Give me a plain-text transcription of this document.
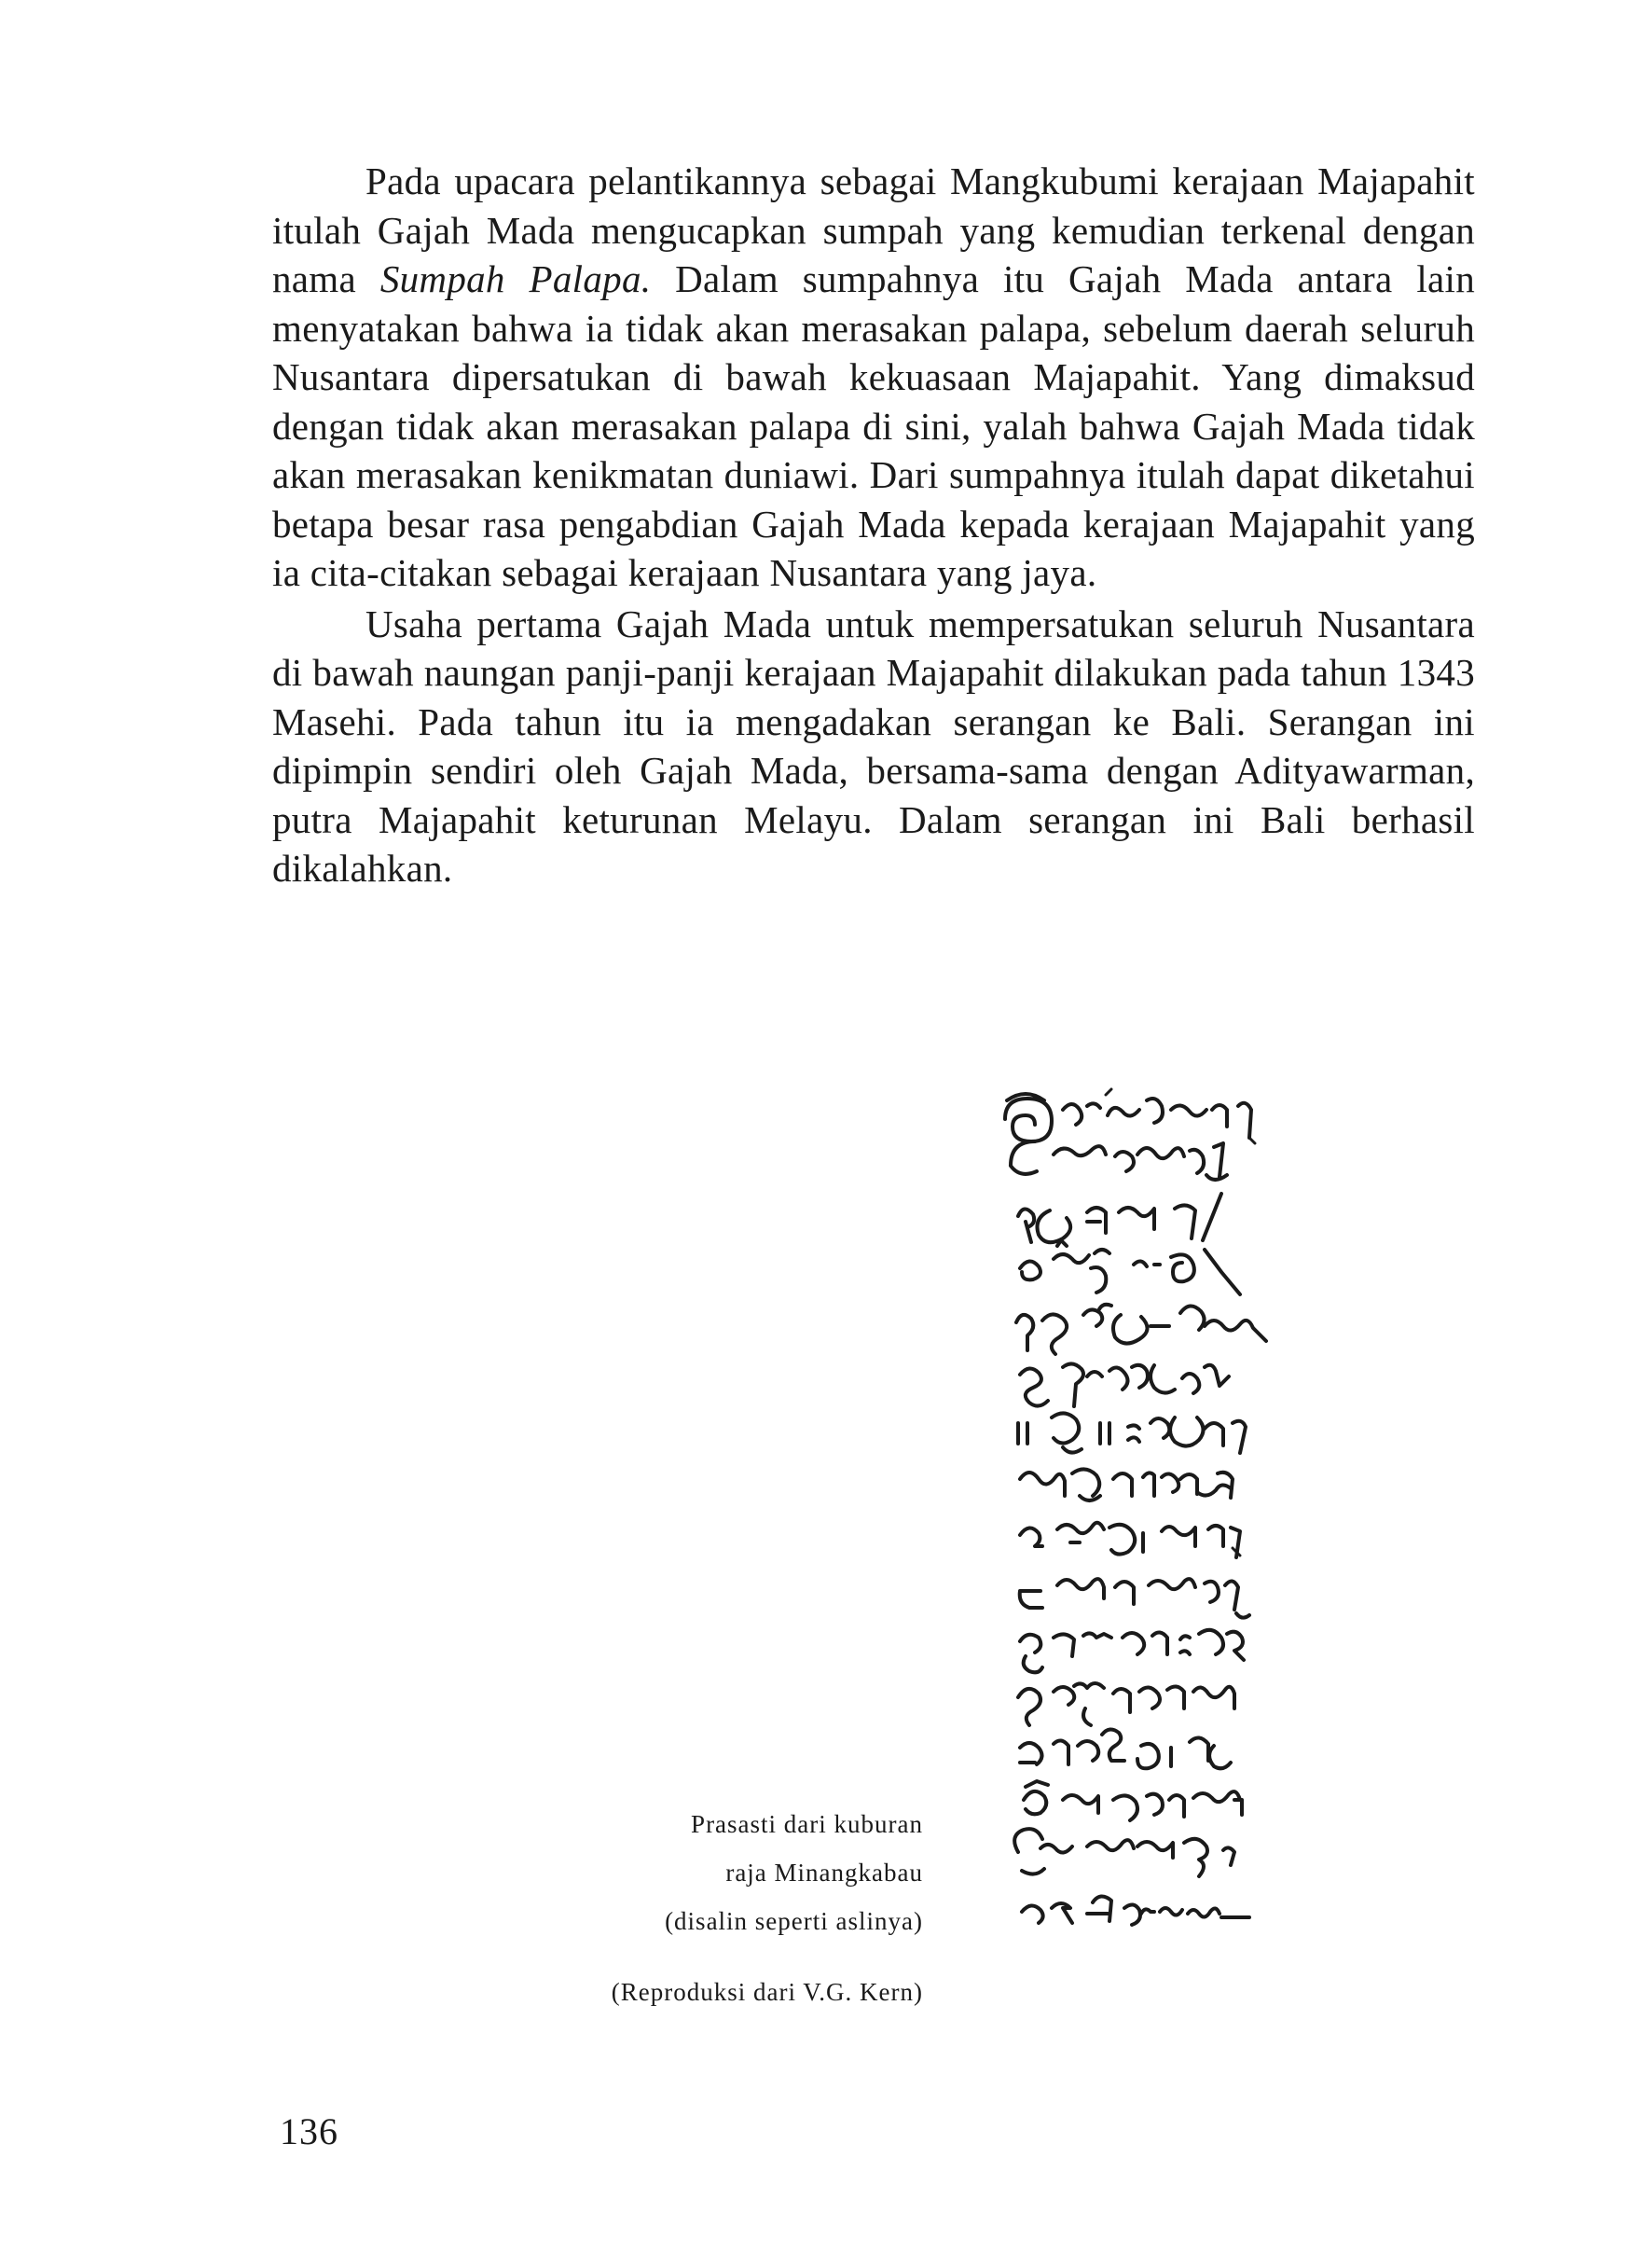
Pada upacara pelantikannya sebagai Mangkubumi kerajaan Majapahit itulah Gajah Mada mengucapkan sumpah yang kemudian terkenal dengan nama Sumpah Palapa. Dalam sumpahnya itu Gajah Mada antara lain menyatakan bahwa ia tidak akan merasakan palapa, sebelum daerah seluruh Nusantara dipersatukan di bawah kekuasaan Majapahit. Yang dimaksud dengan tidak akan merasakan palapa di sini, yalah bahwa Gajah Mada tidak akan merasakan kenikmatan duniawi. Dari sumpahnya itulah dapat diketahui betapa besar rasa pengabdian Gajah Mada kepada kerajaan Majapahit yang ia cita-citakan sebagai kerajaan Nusantara yang jaya.

Usaha pertama Gajah Mada untuk mempersatukan seluruh Nusantara di bawah naungan panji-panji kerajaan Majapahit dilakukan pada tahun 1343 Masehi. Pada tahun itu ia mengadakan serangan ke Bali. Serangan ini dipimpin sendiri oleh Gajah Mada, bersama-sama dengan Adityawarman, putra Majapahit keturunan Melayu. Dalam serangan ini Bali berhasil dikalahkan.

Prasasti dari kuburan
raja Minangkabau
(disalin seperti aslinya)
(Reproduksi dari V.G. Kern)
136
